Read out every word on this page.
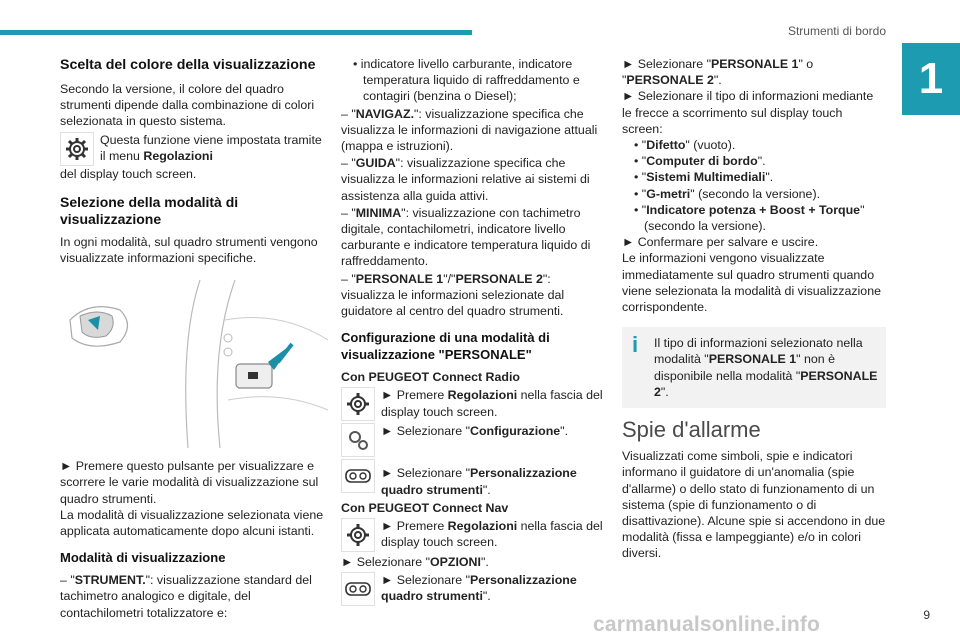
Strumenti di bordo
1
Scelta del colore della visualizzazione

Secondo la versione, il colore del quadro strumenti dipende dalla combinazione di colori selezionata in questo sistema.

Questa funzione viene impostata tramite il menu Regolazioni

del display touch screen.

Selezione della modalità di visualizzazione

In ogni modalità, sul quadro strumenti vengono visualizzate informazioni specifiche.

► Premere questo pulsante per visualizzare e scorrere le varie modalità di visualizzazione sul quadro strumenti.

La modalità di visualizzazione selezionata viene applicata automaticamente dopo alcuni istanti.

Modalità di visualizzazione

– "STRUMENT.": visualizzazione standard del tachimetro analogico e digitale, del contachilometri totalizzatore e:

• indicatore livello carburante, indicatore temperatura liquido di raffreddamento e contagiri (benzina o Diesel);

– "NAVIGAZ.": visualizzazione specifica che visualizza le informazioni di navigazione attuali (mappa e istruzioni).

– "GUIDA": visualizzazione specifica che visualizza le informazioni relative ai sistemi di assistenza alla guida attivi.

– "MINIMA": visualizzazione con tachimetro digitale, contachilometri, indicatore livello carburante e indicatore temperatura liquido di raffreddamento.

– "PERSONALE 1"/"PERSONALE 2": visualizza le informazioni selezionate dal guidatore al centro del quadro strumenti.

Configurazione di una modalità di visualizzazione "PERSONALE"

Con PEUGEOT Connect Radio

► Premere Regolazioni nella fascia del display touch screen.
► Selezionare "Configurazione".
► Selezionare "Personalizzazione quadro strumenti".

Con PEUGEOT Connect Nav

► Premere Regolazioni nella fascia del display touch screen.

► Selezionare "OPZIONI".

► Selezionare "Personalizzazione quadro strumenti".

► Selezionare "PERSONALE 1" o "PERSONALE 2".

► Selezionare il tipo di informazioni mediante le frecce a scorrimento sul display touch screen:

• "Difetto" (vuoto).

• "Computer di bordo".

• "Sistemi Multimediali".

• "G-metri" (secondo la versione).

• "Indicatore potenza + Boost + Torque" (secondo la versione).

► Confermare per salvare e uscire.

Le informazioni vengono visualizzate immediatamente sul quadro strumenti quando viene selezionata la modalità di visualizzazione corrispondente.

i	Il tipo di informazioni selezionato nella modalità "PERSONALE 1" non è disponibile nella modalità "PERSONALE 2".

Spie d'allarme

Visualizzati come simboli, spie e indicatori informano il guidatore di un'anomalia (spie d'allarme) o dello stato di funzionamento di un sistema (spie di funzionamento o di disattivazione). Alcune spie si accendono in due modalità (fissa e lampeggiante) e/o in colori diversi.

carmanualsonline.info	9
